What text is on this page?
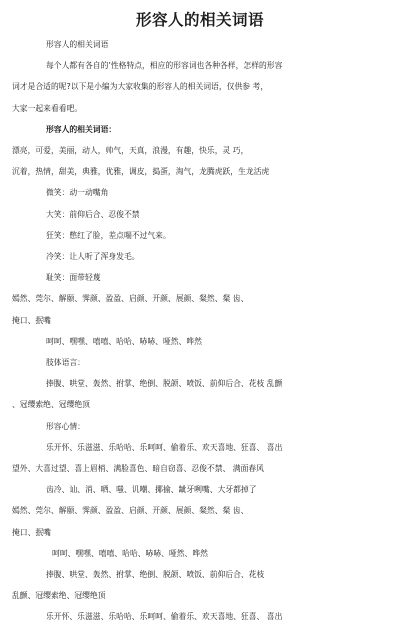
形容人的相关词语
形容人的相关词语
每个人都有各自的’性格特点，相应的形容词也各种各样，怎样的形容
词才是合适的呢?以下是小编为大家收集的形容人的相关词语，仅供参 考，
大家一起来看看吧。
形容人的相关词语：
漂亮，可爱，美丽，动人，帅气，天真，浪漫，有趣，快乐，灵 巧，
沉着，热情，甜美，典雅，优雅，调皮，捣蛋，淘气，龙腾虎跃，生龙活虎
微笑：动一动嘴角
大笑：前仰后合、忍俊不禁
狂笑：憋红了脸，差点喘不过气来。
冷笑：让人听了浑身发毛。
耻笑：面带轻蔑
嫣然、莞尔、解颐、霁颜、盈盈、启颜、开颜、展颜、粲然、粲 齿、
掩口、抿嘴
呵呵、嘿嘿、嘻嘻、哈哈、哧哧、哑然、哗然
肢体语言：
捧腹、哄堂、轰然、拊掌、绝倒、脱颌、喷饭、前仰后合、花枝 乱颤
、冠缨索绝、冠缨绝顶
形容心情：
乐开怀、乐滋滋、乐哈哈、乐呵呵、偷着乐、欢天喜地、狂喜、 喜出
望外、大喜过望、喜上眉梢、满脸喜色、暗自窃喜、忍俊不禁、 满面春风
齿冷、讪、消、哂、嗤、讥嘲、揶揄、龇牙咧嘴、大牙都掉了
嫣然、莞尔、解颐、霁颜、盈盈、启颜、开颜、展颜、粲然、粲 齿、
掩口、抿嘴
呵呵、嘿嘿、嘻嘻、哈哈、哧哧、哑然、哗然
捧腹、哄堂、轰然、拊掌、绝倒、脱颌、喷饭、前仰后合、花枝
乱颤、冠缨索绝、冠缨绝顶
乐开怀、乐滋滋、乐哈哈、乐呵呵、偷着乐、欢天喜地、狂喜、 喜出
